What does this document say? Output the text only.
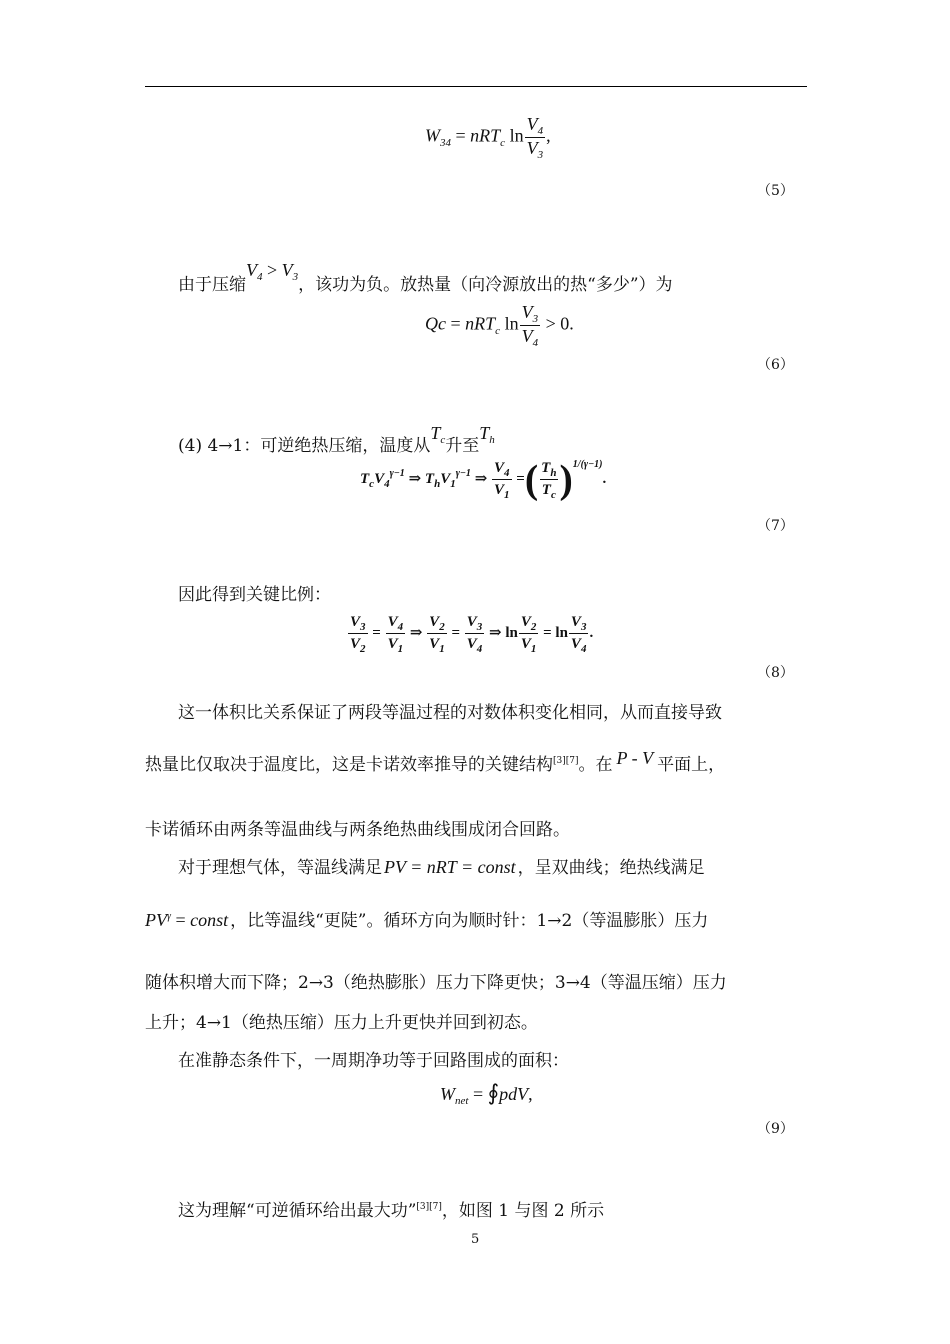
$W_{34} = nRT_c$ $\ln \frac{V_4}{V_3}$ ,
（5）
由于压缩$V_4 > V_3$，该功为负。放热量（向冷源放出的热“多少”）为
Qc = nRT$_c$ $\ln \frac{V_3}{V_4} > 0$.
（6）
(4) 4→1：可逆绝热压缩，温度从$T_c$升至$T_h$
$T_cV_4^{\gamma-1}$ ⇒ $T_hV_1^{\gamma-1}$ ⇒ $\frac{V_4}{V_1}$ =( $\frac{T_h}{T_c} )^{1/(\gamma-1)}$.
（7）
因此得到关键比例：
$\frac{V_3}{V_2} = \frac{V_4}{V_1}$ ⇒ $\frac{V_2}{V_1} = \frac{V_3}{V_4}$ ⇒ $\ln \frac{V_2}{V_1} = \ln \frac{V_3}{V_4}$ .
（8）
这一体积比关系保证了两段等温过程的对数体积变化相同，从而直接导致
热量比仅取决于温度比，这是卡诺效率推导的关键结构[3][7]。在 P - V 平面上，
卡诺循环由两条等温曲线与两条绝热曲线围成闭合回路。
对于理想气体，等温线满足 PV = nRT = const ，呈双曲线；绝热线满足
$PV^\gamma$ = const ，比等温线“更陡”。循环方向为顺时针：1→2（等温膨胀）压力
随体积增大而下降；2→3（绝热膨胀）压力下降更快；3→4（等温压缩）压力
上升；4→1（绝热压缩）压力上升更快并回到初态。
在准静态条件下，一周期净功等于回路围成的面积：
$W_{net}$ = ∮pdV,
（9）
这为理解“可逆循环给出最大功”[3][7]，如图 1 与图 2 所示
5
